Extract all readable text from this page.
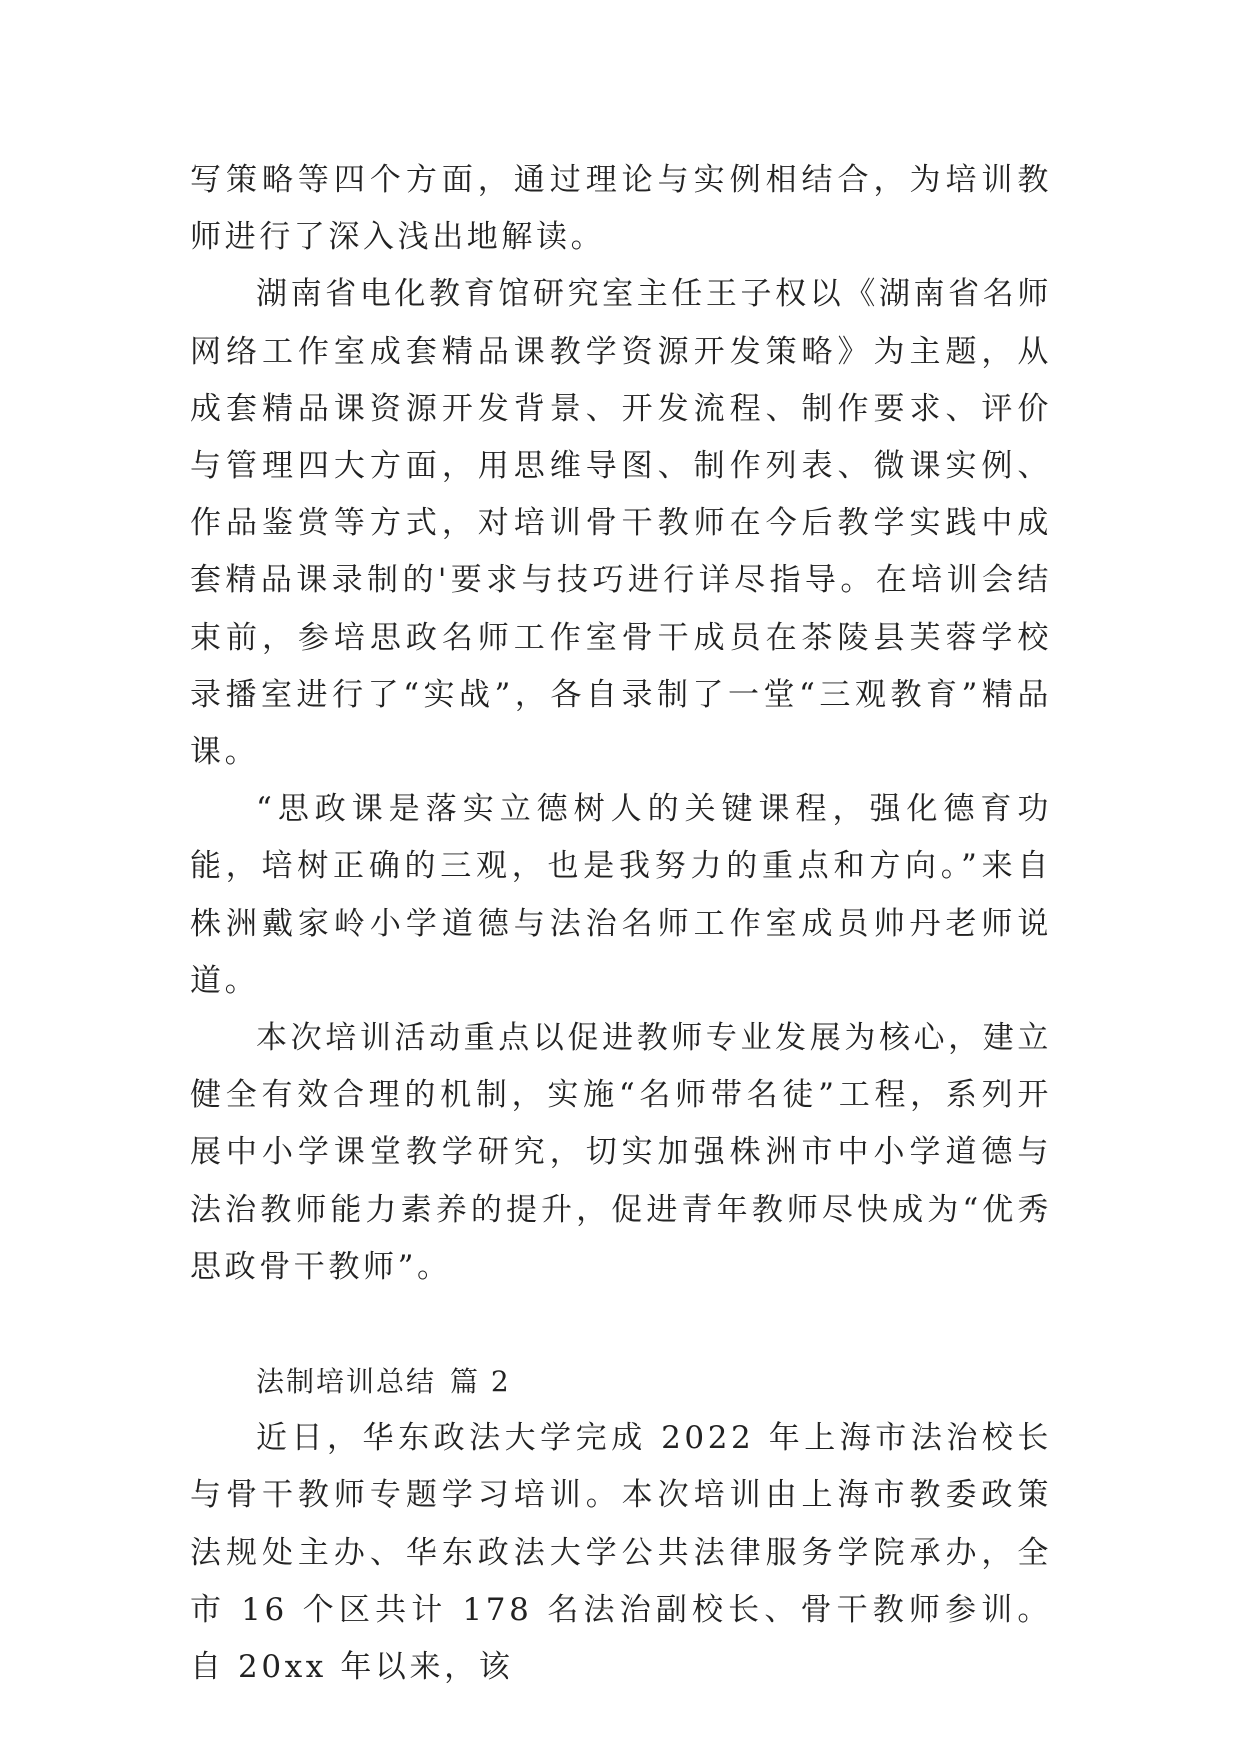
写策略等四个方面，通过理论与实例相结合，为培训教师进行了深入浅出地解读。

湖南省电化教育馆研究室主任王子权以《湖南省名师网络工作室成套精品课教学资源开发策略》为主题，从成套精品课资源开发背景、开发流程、制作要求、评价与管理四大方面，用思维导图、制作列表、微课实例、作品鉴赏等方式，对培训骨干教师在今后教学实践中成套精品课录制的'要求与技巧进行详尽指导。在培训会结束前，参培思政名师工作室骨干成员在茶陵县芙蓉学校录播室进行了“实战”，各自录制了一堂“三观教育”精品课。

“思政课是落实立德树人的关键课程，强化德育功能，培树正确的三观，也是我努力的重点和方向。”来自株洲戴家岭小学道德与法治名师工作室成员帅丹老师说道。

本次培训活动重点以促进教师专业发展为核心，建立健全有效合理的机制，实施“名师带名徒”工程，系列开展中小学课堂教学研究，切实加强株洲市中小学道德与法治教师能力素养的提升，促进青年教师尽快成为“优秀思政骨干教师”。

法制培训总结 篇 2

近日，华东政法大学完成 2022 年上海市法治校长与骨干教师专题学习培训。本次培训由上海市教委政策法规处主办、华东政法大学公共法律服务学院承办，全市 16 个区共计 178 名法治副校长、骨干教师参训。自 20xx 年以来，该
